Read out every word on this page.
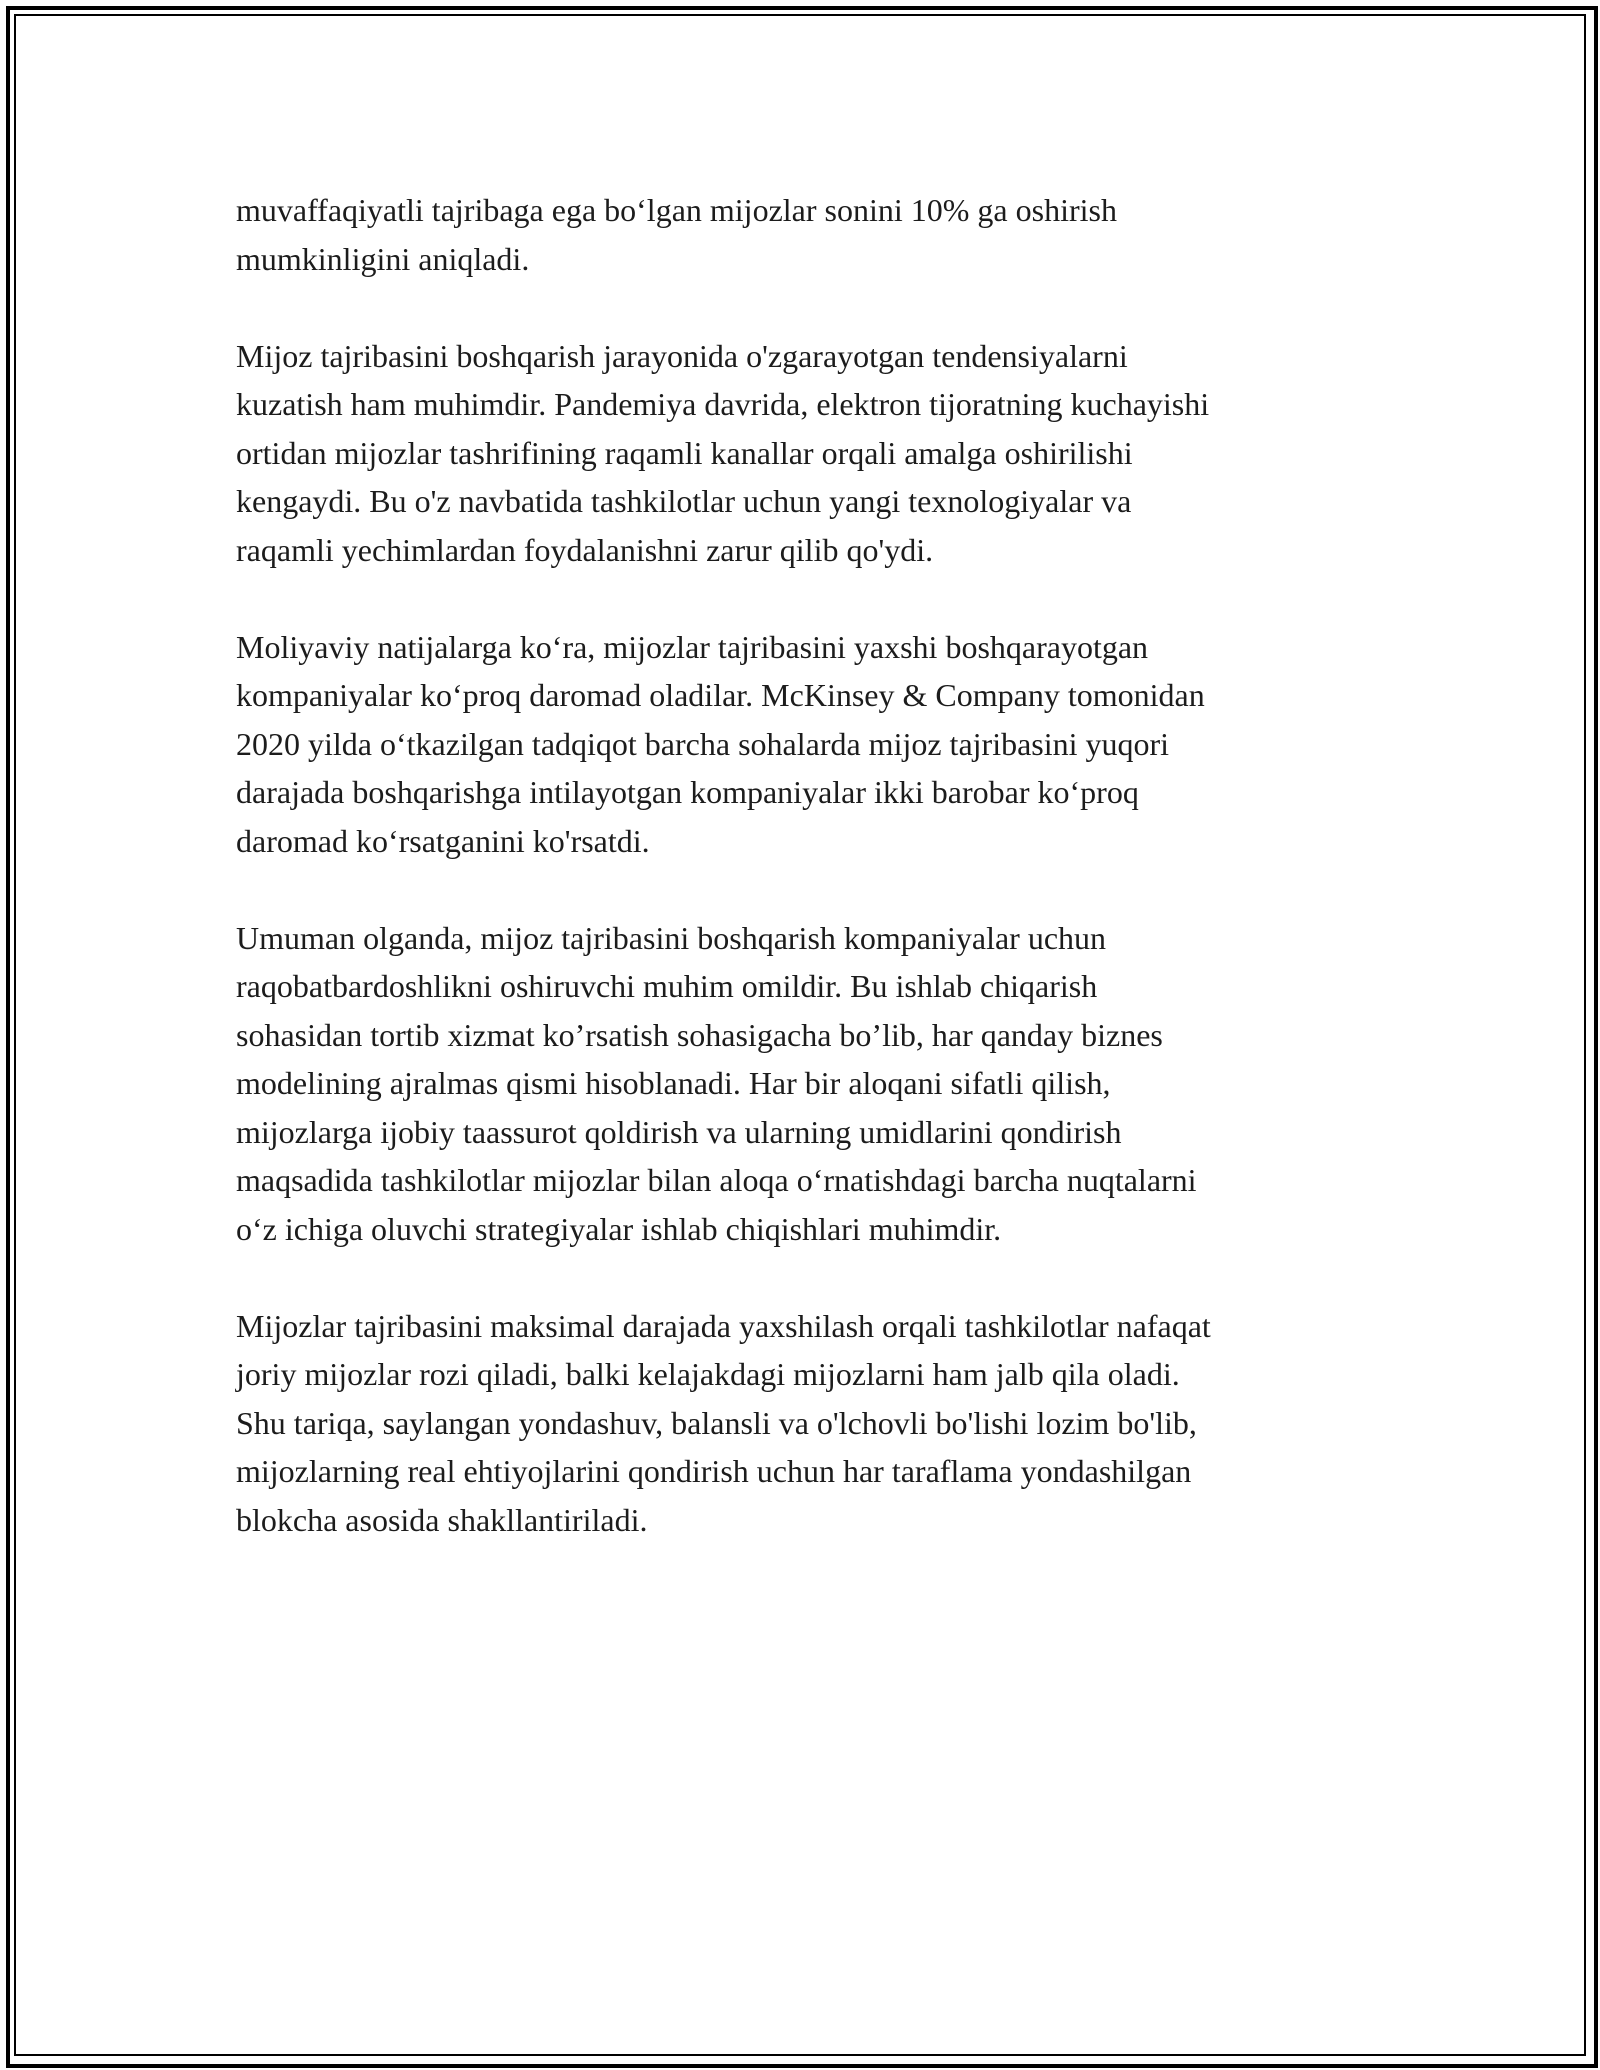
muvaffaqiyatli tajribaga ega boʻlgan mijozlar sonini 10% ga oshirish
mumkinligini aniqladi.

Mijoz tajribasini boshqarish jarayonida o'zgarayotgan tendensiyalarni
kuzatish ham muhimdir. Pandemiya davrida, elektron tijoratning kuchayishi
ortidan mijozlar tashrifining raqamli kanallar orqali amalga oshirilishi
kengaydi. Bu o'z navbatida tashkilotlar uchun yangi texnologiyalar va
raqamli yechimlardan foydalanishni zarur qilib qo'ydi.

Moliyaviy natijalarga koʻra, mijozlar tajribasini yaxshi boshqarayotgan
kompaniyalar koʻproq daromad oladilar. McKinsey & Company tomonidan
2020 yilda oʻtkazilgan tadqiqot barcha sohalarda mijoz tajribasini yuqori
darajada boshqarishga intilayotgan kompaniyalar ikki barobar koʻproq
daromad koʻrsatganini ko'rsatdi.

Umuman olganda, mijoz tajribasini boshqarish kompaniyalar uchun
raqobatbardoshlikni oshiruvchi muhim omildir. Bu ishlab chiqarish
sohasidan tortib xizmat ko’rsatish sohasigacha bo’lib, har qanday biznes
modelining ajralmas qismi hisoblanadi. Har bir aloqani sifatli qilish,
mijozlarga ijobiy taassurot qoldirish va ularning umidlarini qondirish
maqsadida tashkilotlar mijozlar bilan aloqa oʻrnatishdagi barcha nuqtalarni
oʻz ichiga oluvchi strategiyalar ishlab chiqishlari muhimdir.

Mijozlar tajribasini maksimal darajada yaxshilash orqali tashkilotlar nafaqat
joriy mijozlar rozi qiladi, balki kelajakdagi mijozlarni ham jalb qila oladi.
Shu tariqa, saylangan yondashuv, balansli va o'lchovli bo'lishi lozim bo'lib,
mijozlarning real ehtiyojlarini qondirish uchun har taraflama yondashilgan
blokcha asosida shakllantiriladi.
